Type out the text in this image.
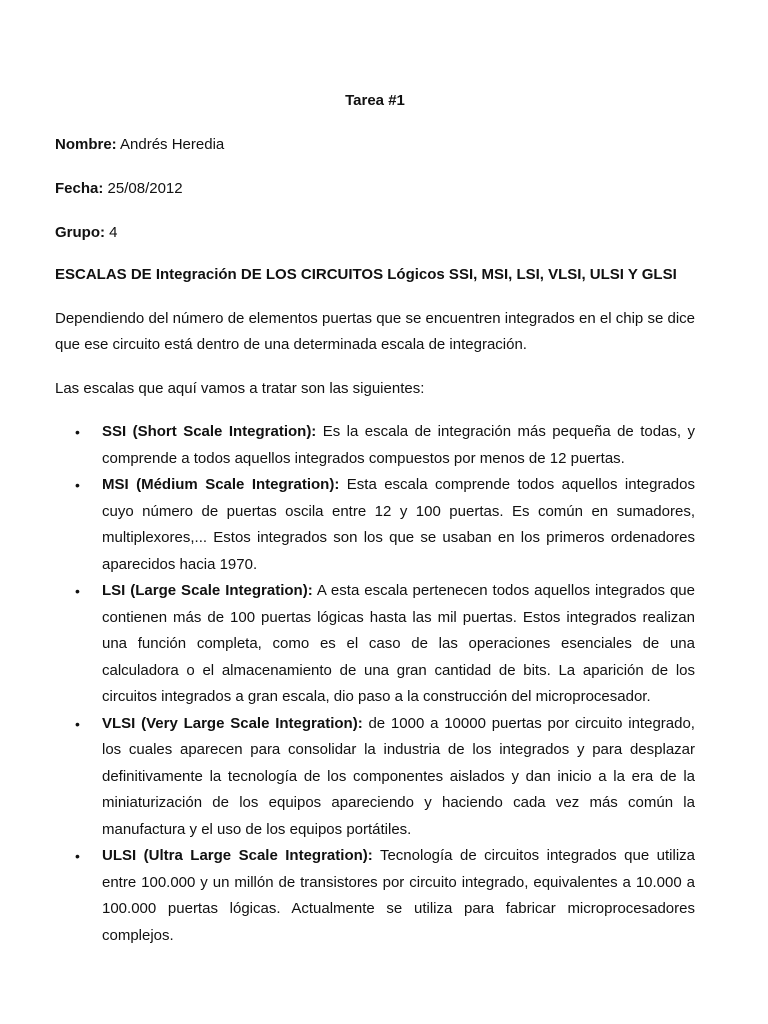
Tarea #1

Nombre: Andrés Heredia

Fecha: 25/08/2012

Grupo: 4

ESCALAS DE Integración DE LOS CIRCUITOS Lógicos SSI, MSI, LSI, VLSI, ULSI Y GLSI

Dependiendo del número de elementos puertas que se encuentren integrados en el chip se dice que ese circuito está dentro de una determinada escala de integración.

Las escalas que aquí vamos a tratar son las siguientes:

• SSI (Short Scale Integration): Es la escala de integración más pequeña de todas, y comprende a todos aquellos integrados compuestos por menos de 12 puertas.
• MSI (Médium Scale Integration): Esta escala comprende todos aquellos integrados cuyo número de puertas oscila entre 12 y 100 puertas. Es común en sumadores, multiplexores,... Estos integrados son los que se usaban en los primeros ordenadores aparecidos hacia 1970.
• LSI (Large Scale Integration): A esta escala pertenecen todos aquellos integrados que contienen más de 100 puertas lógicas hasta las mil puertas. Estos integrados realizan una función completa, como es el caso de las operaciones esenciales de una calculadora o el almacenamiento de una gran cantidad de bits. La aparición de los circuitos integrados a gran escala, dio paso a la construcción del microprocesador.
• VLSI (Very Large Scale Integration): de 1000 a 10000 puertas por circuito integrado, los cuales aparecen para consolidar la industria de los integrados y para desplazar definitivamente la tecnología de los componentes aislados y dan inicio a la era de la miniaturización de los equipos apareciendo y haciendo cada vez más común la manufactura y el uso de los equipos portátiles.
• ULSI (Ultra Large Scale Integration): Tecnología de circuitos integrados que utiliza entre 100.000 y un millón de transistores por circuito integrado, equivalentes a 10.000 a 100.000 puertas lógicas. Actualmente se utiliza para fabricar microprocesadores complejos.
